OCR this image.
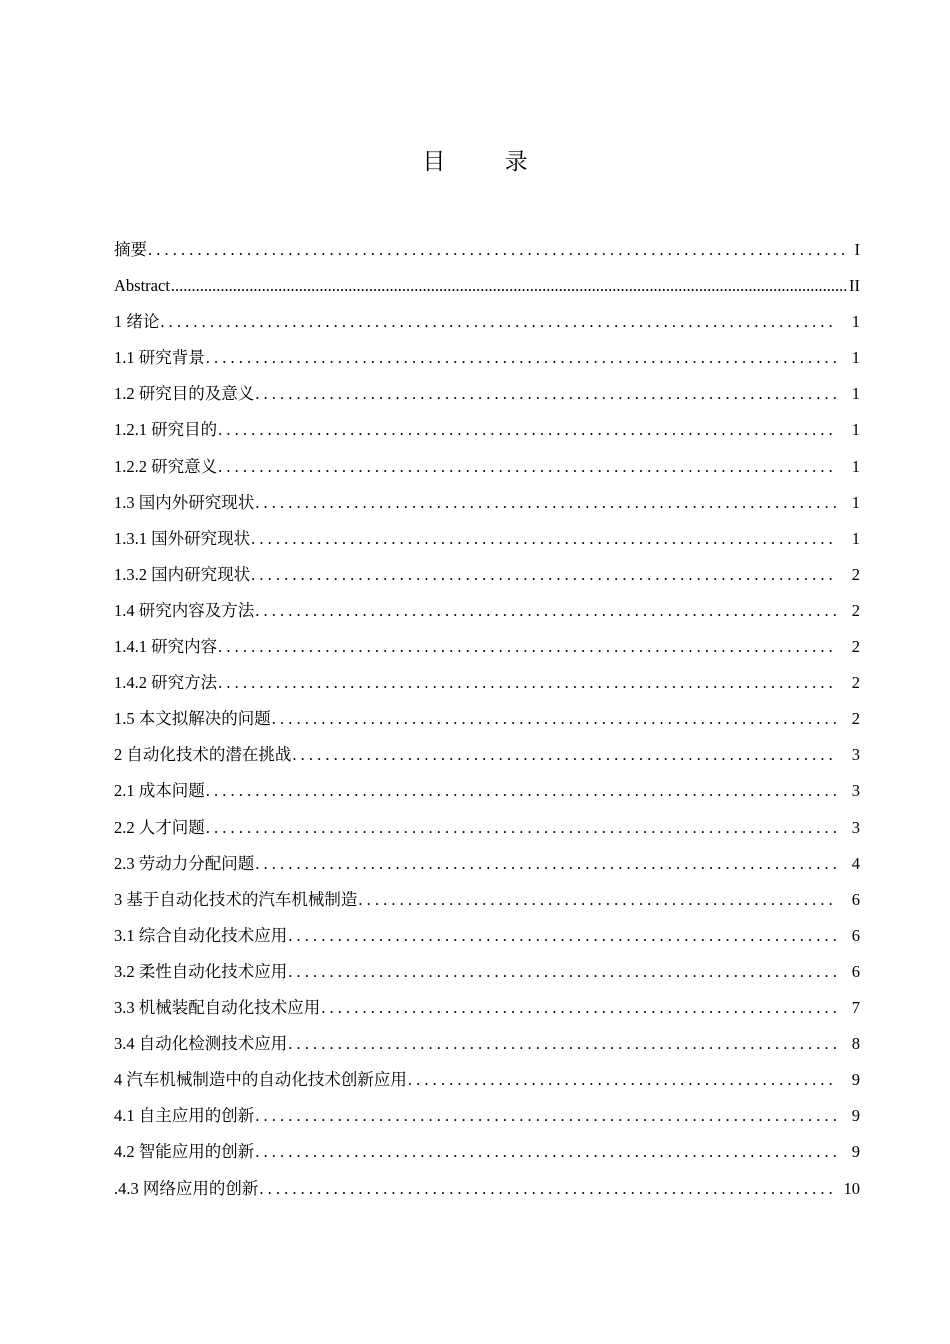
目 录
摘要 . . .	I
Abstract .....	II
1 绪论 . . .	1
1.1 研究背景 . . .	1
1.2 研究目的及意义 . . .	1
1.2.1 研究目的 . . .	1
1.2.2 研究意义 . . .	1
1.3 国内外研究现状 . . .	1
1.3.1 国外研究现状 . . .	1
1.3.2 国内研究现状 . . .	2
1.4 研究内容及方法 . . .	2
1.4.1 研究内容 . . .	2
1.4.2 研究方法 . . .	2
1.5 本文拟解决的问题 . . .	2
2 自动化技术的潜在挑战 . . .	3
2.1 成本问题 . . .	3
2.2 人才问题 . . .	3
2.3 劳动力分配问题 . . .	4
3 基于自动化技术的汽车机械制造 . . .	6
3.1 综合自动化技术应用 . . .	6
3.2 柔性自动化技术应用 . . .	6
3.3 机械装配自动化技术应用 . . .	7
3.4 自动化检测技术应用 . . .	8
4 汽车机械制造中的自动化技术创新应用 . . .	9
4.1 自主应用的创新 . . .	9
4.2 智能应用的创新 . . .	9
.4.3 网络应用的创新 . . .	10
